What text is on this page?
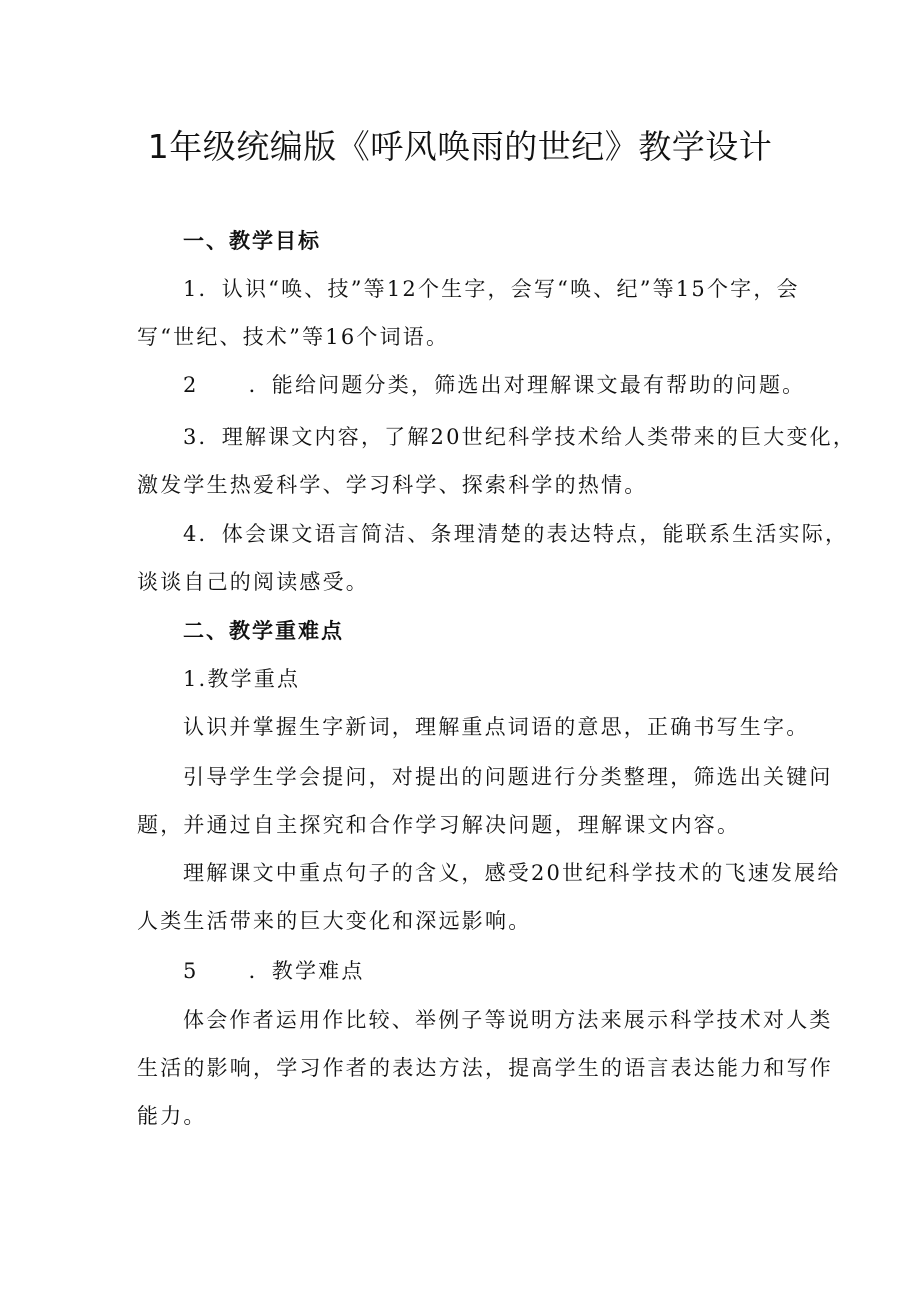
1年级统编版《呼风唤雨的世纪》教学设计
一、教学目标
1．认识“唤、技”等12个生字，会写“唤、纪”等15个字，会
写“世纪、技术”等16个词语。
2 ．能给问题分类，筛选出对理解课文最有帮助的问题。
3．理解课文内容，了解20世纪科学技术给人类带来的巨大变化，
激发学生热爱科学、学习科学、探索科学的热情。
4．体会课文语言简洁、条理清楚的表达特点，能联系生活实际，
谈谈自己的阅读感受。
二、教学重难点
1.教学重点
认识并掌握生字新词，理解重点词语的意思，正确书写生字。
引导学生学会提问，对提出的问题进行分类整理，筛选出关键问
题，并通过自主探究和合作学习解决问题，理解课文内容。
理解课文中重点句子的含义，感受20世纪科学技术的飞速发展给
人类生活带来的巨大变化和深远影响。
5 ．教学难点
体会作者运用作比较、举例子等说明方法来展示科学技术对人类
生活的影响，学习作者的表达方法，提高学生的语言表达能力和写作
能力。
